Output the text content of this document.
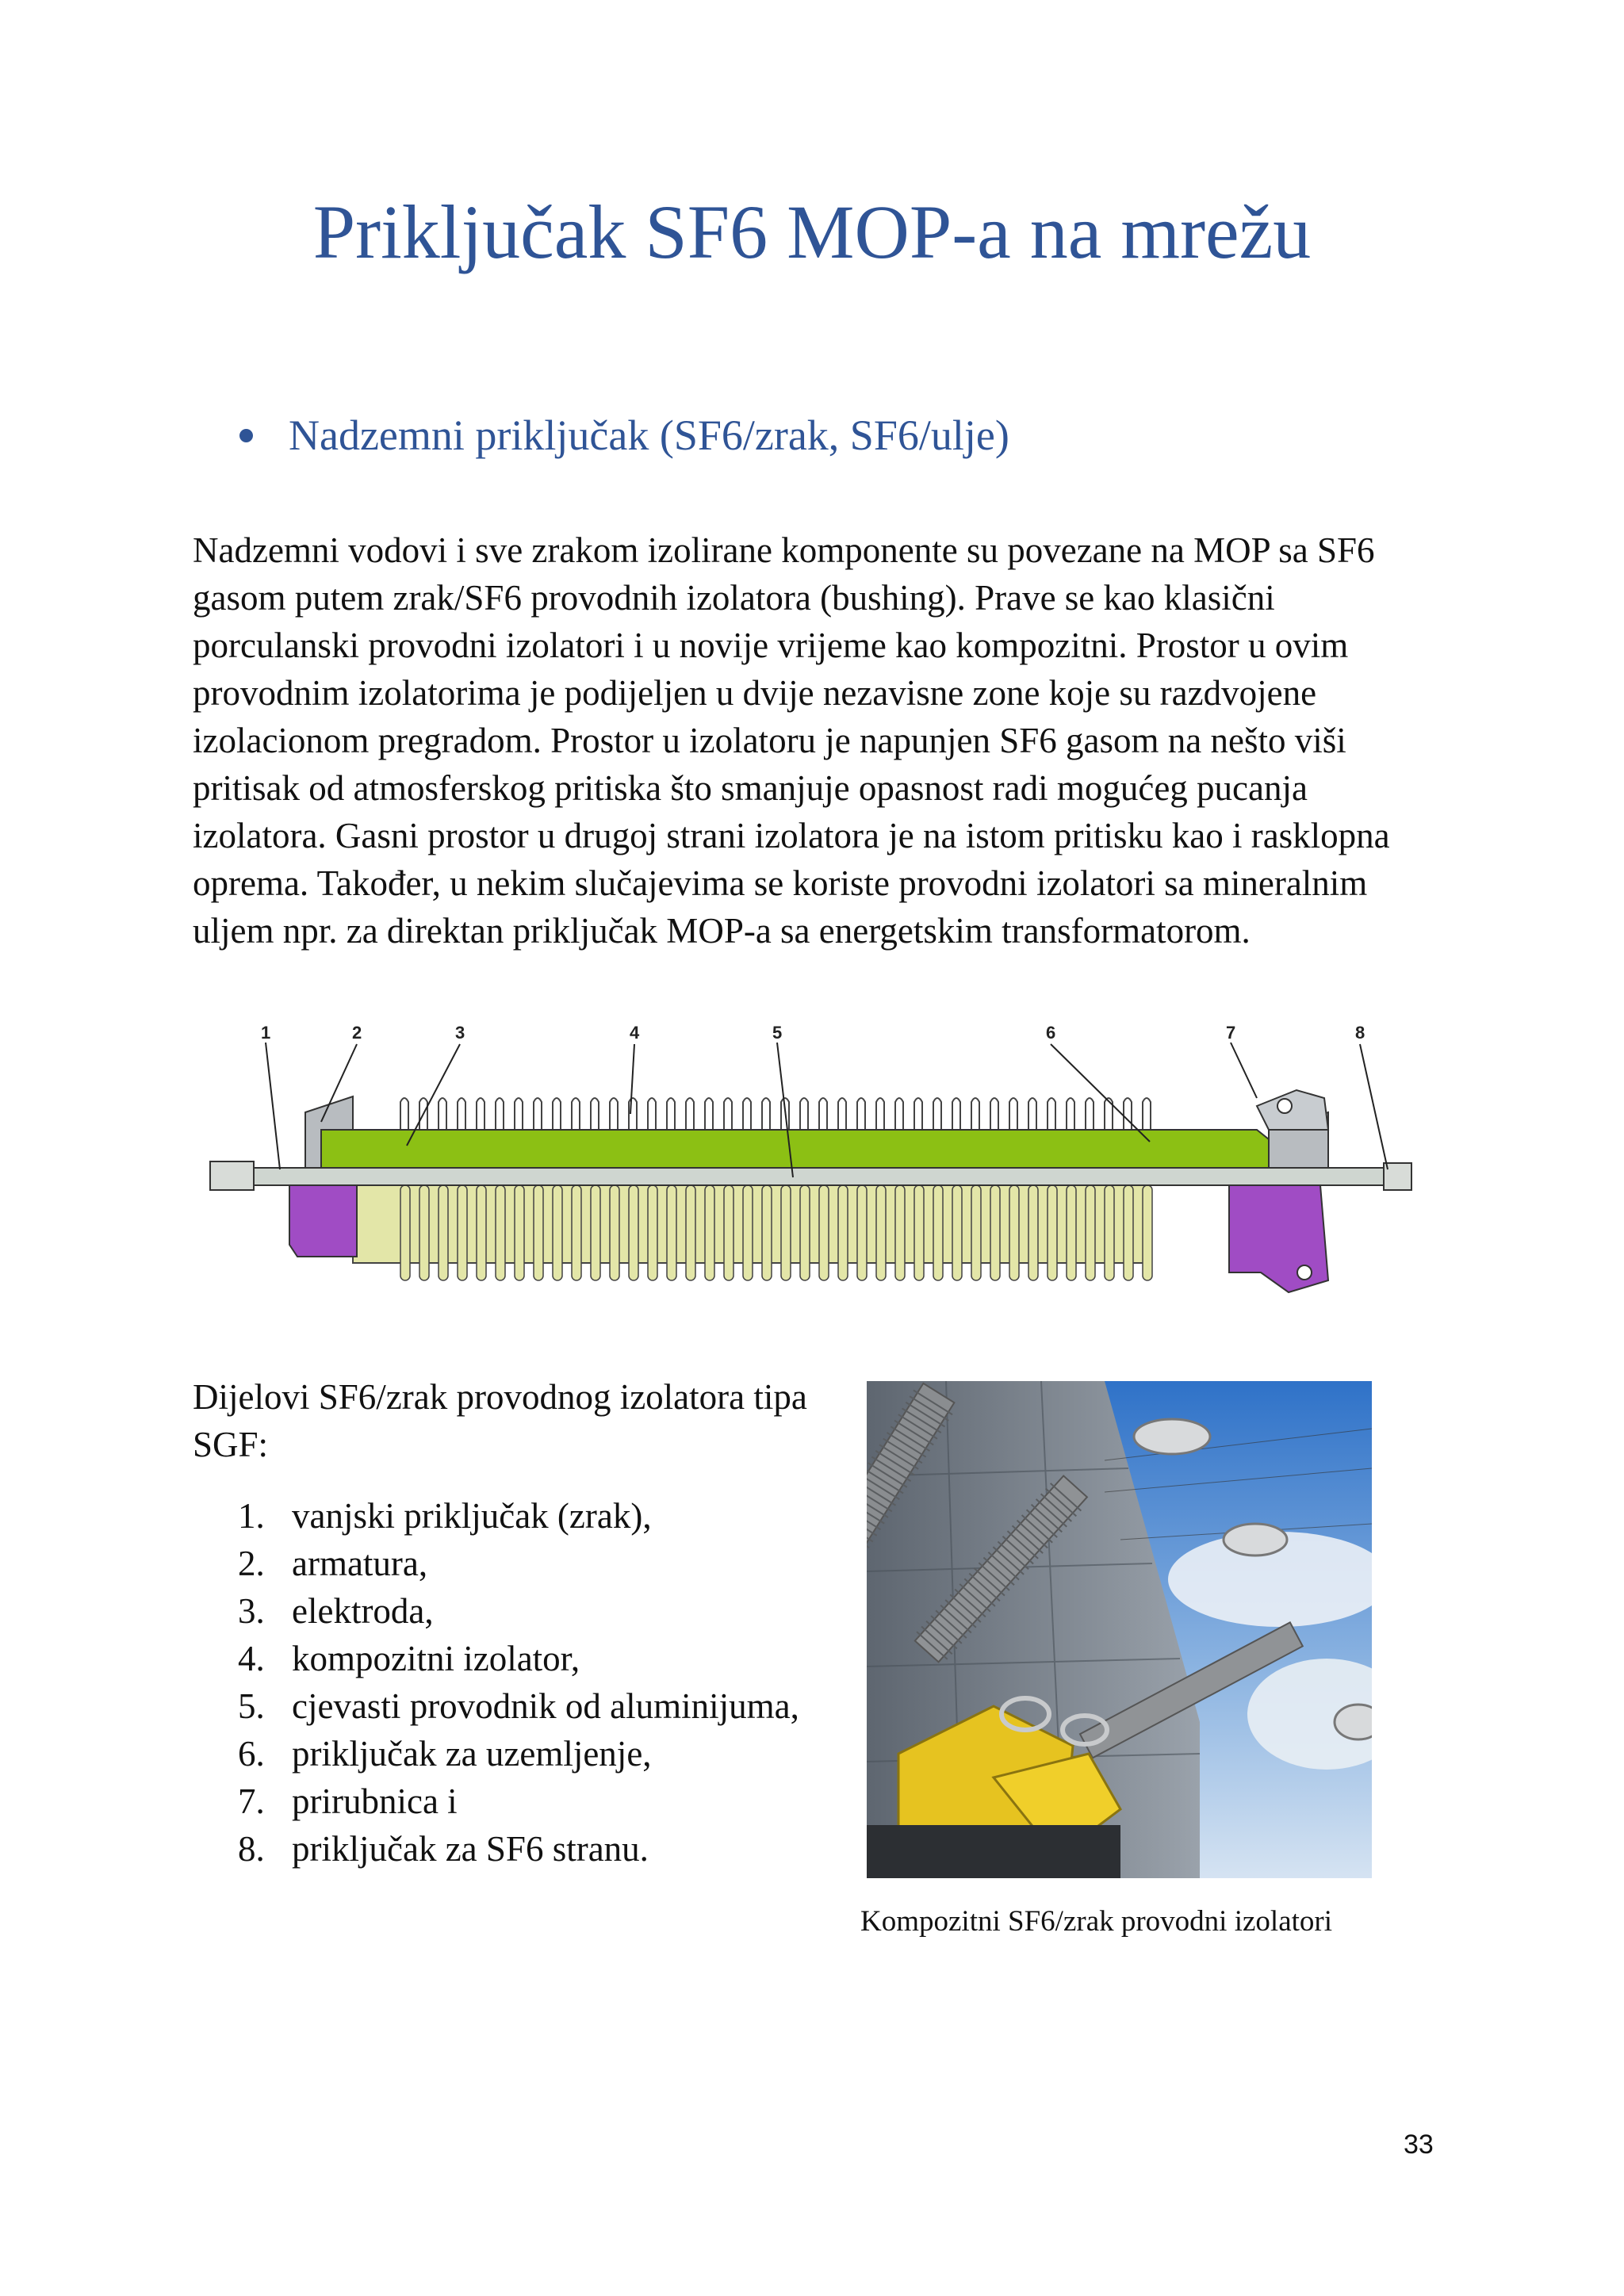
Priključak SF6 MOP-a na mrežu
Nadzemni priključak (SF6/zrak, SF6/ulje)

Nadzemni vodovi i sve zrakom izolirane komponente su povezane na MOP sa SF6 gasom putem zrak/SF6 provodnih izolatora (bushing). Prave se kao klasični porculanski provodni izolatori i u novije vrijeme kao kompozitni. Prostor u ovim provodnim izolatorima je podijeljen u dvije nezavisne zone koje su razdvojene izolacionom pregradom. Prostor u izolatoru je napunjen SF6 gasom na nešto viši pritisak od atmosferskog pritiska što smanjuje opasnost radi mogućeg pucanja izolatora. Gasni prostor u drugoj strani izolatora je na istom pritisku kao i rasklopna oprema. Također, u nekim slučajevima se koriste provodni izolatori sa mineralnim uljem npr. za direktan priključak MOP-a sa energetskim transformatorom.

1	2	3	4	5	6	7	8

Dijelovi SF6/zrak provodnog izolatora tipa SGF:

1. vanjski priključak (zrak),
2. armatura,
3. elektroda,
4. kompozitni izolator,
5. cjevasti provodnik od aluminijuma,
6. priključak za uzemljenje,
7. prirubnica i
8. priključak za SF6 stranu.

Kompozitni SF6/zrak provodni izolatori

33
